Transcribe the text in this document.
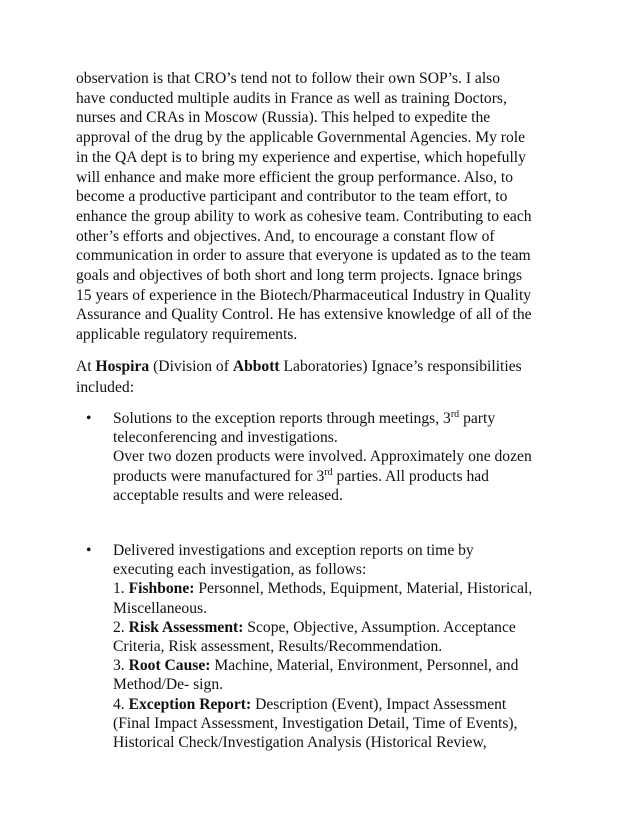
observation is that CRO’s tend not to follow their own SOP’s. I also
have conducted multiple audits in France as well as training Doctors,
nurses and CRAs in Moscow (Russia). This helped to expedite the
approval of the drug by the applicable Governmental Agencies. My role
in the QA dept is to bring my experience and expertise, which hopefully
will enhance and make more efficient the group performance. Also, to
become a productive participant and contributor to the team effort, to
enhance the group ability to work as cohesive team. Contributing to each
other’s efforts and objectives. And, to encourage a constant flow of
communication in order to assure that everyone is updated as to the team
goals and objectives of both short and long term projects. Ignace brings
15 years of experience in the Biotech/Pharmaceutical Industry in Quality
Assurance and Quality Control. He has extensive knowledge of all of the
applicable regulatory requirements.
At Hospira (Division of Abbott Laboratories) Ignace’s responsibilities
included:
• Solutions to the exception reports through meetings, 3rd party
teleconferencing and investigations.
Over two dozen products were involved. Approximately one dozen
products were manufactured for 3rd parties. All products had
acceptable results and were released.
• Delivered investigations and exception reports on time by
executing each investigation, as follows:
1. Fishbone: Personnel, Methods, Equipment, Material, Historical,
Miscellaneous.
2. Risk Assessment: Scope, Objective, Assumption. Acceptance
Criteria, Risk assessment, Results/Recommendation.
3. Root Cause: Machine, Material, Environment, Personnel, and
Method/De- sign.
4. Exception Report: Description (Event), Impact Assessment
(Final Impact Assessment, Investigation Detail, Time of Events),
Historical Check/Investigation Analysis (Historical Review,
